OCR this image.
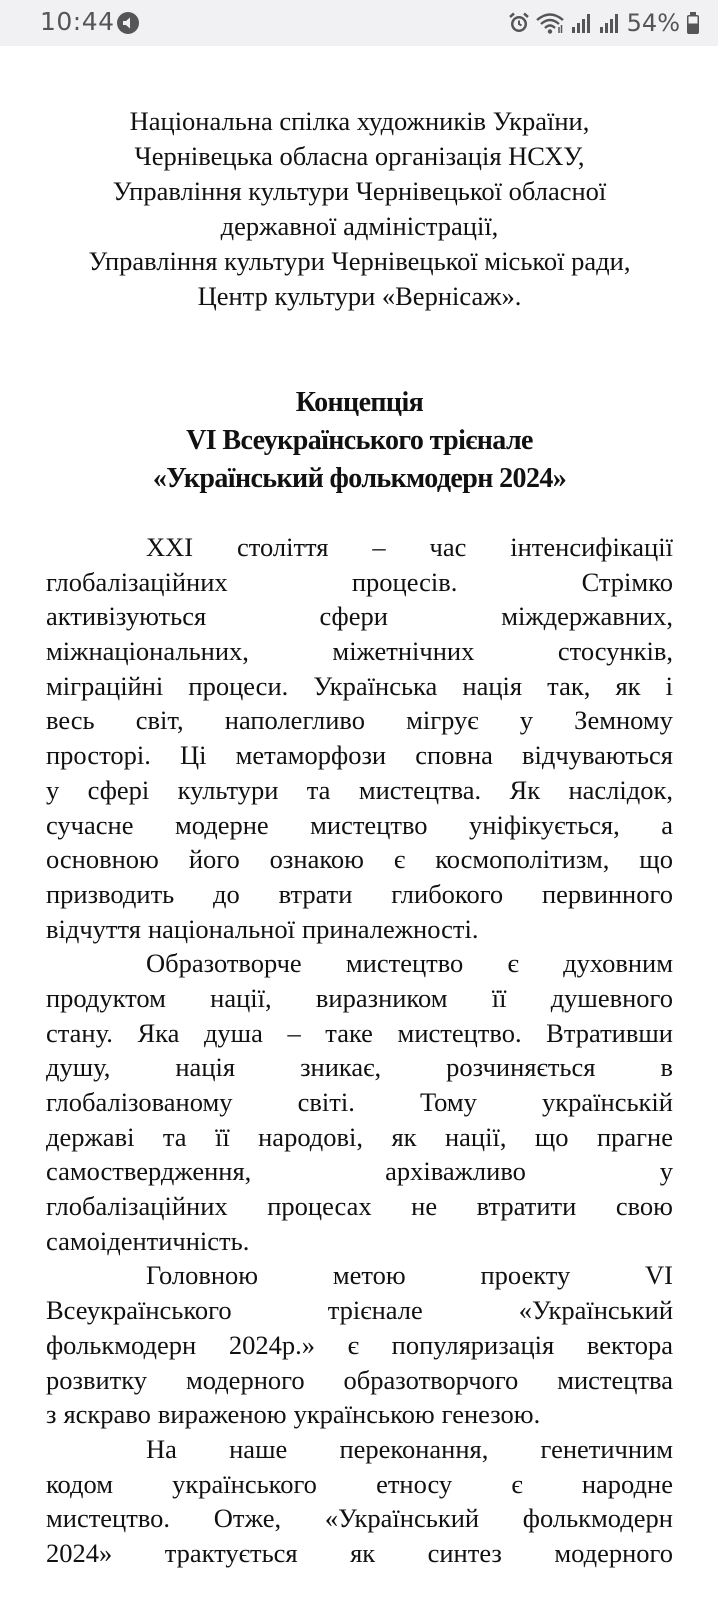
10:44	54%
Національна спілка художників України,
Чернівецька обласна організація НСХУ,
Управління культури Чернівецької обласної
державної адміністрації,
Управління культури Чернівецької міської ради,
Центр культури «Вернісаж».
Концепція
VI Всеукраїнського трієнале
«Український фолькмодерн 2024»
XXI століття – час інтенсифікації
глобалізаційних	процесів.	Стрімко
активізуються	сфери	міждержавних,
міжнаціональних,	міжетнічних	стосунків,
міграційні процеси. Українська нація так, як і
весь світ, наполегливо мігрує у Земному
просторі. Ці метаморфози сповна відчуваються
у сфері культури та мистецтва. Як наслідок,
сучасне модерне мистецтво уніфікується, а
основною його ознакою є космополітизм, що
призводить до втрати глибокого первинного
відчуття національної приналежності.
Образотворче мистецтво є духовним
продуктом нації, виразником її душевного
стану. Яка душа – таке мистецтво. Втративши
душу, нація зникає, розчиняється в
глобалізованому світі. Тому українській
державі та її народові, як нації, що прагне
самоствердження,	архіважливо	у
глобалізаційних процесах не втратити свою
самоідентичність.
Головною	метою	проекту	VI
Всеукраїнського	трієнале	«Український
фолькмодерн 2024р.» є популяризація вектора
розвитку модерного образотворчого мистецтва
з яскраво вираженою українською генезою.
На наше переконання, генетичним
кодом українського етносу є народне
мистецтво. Отже, «Український фолькмодерн
2024» трактується як синтез модерного
